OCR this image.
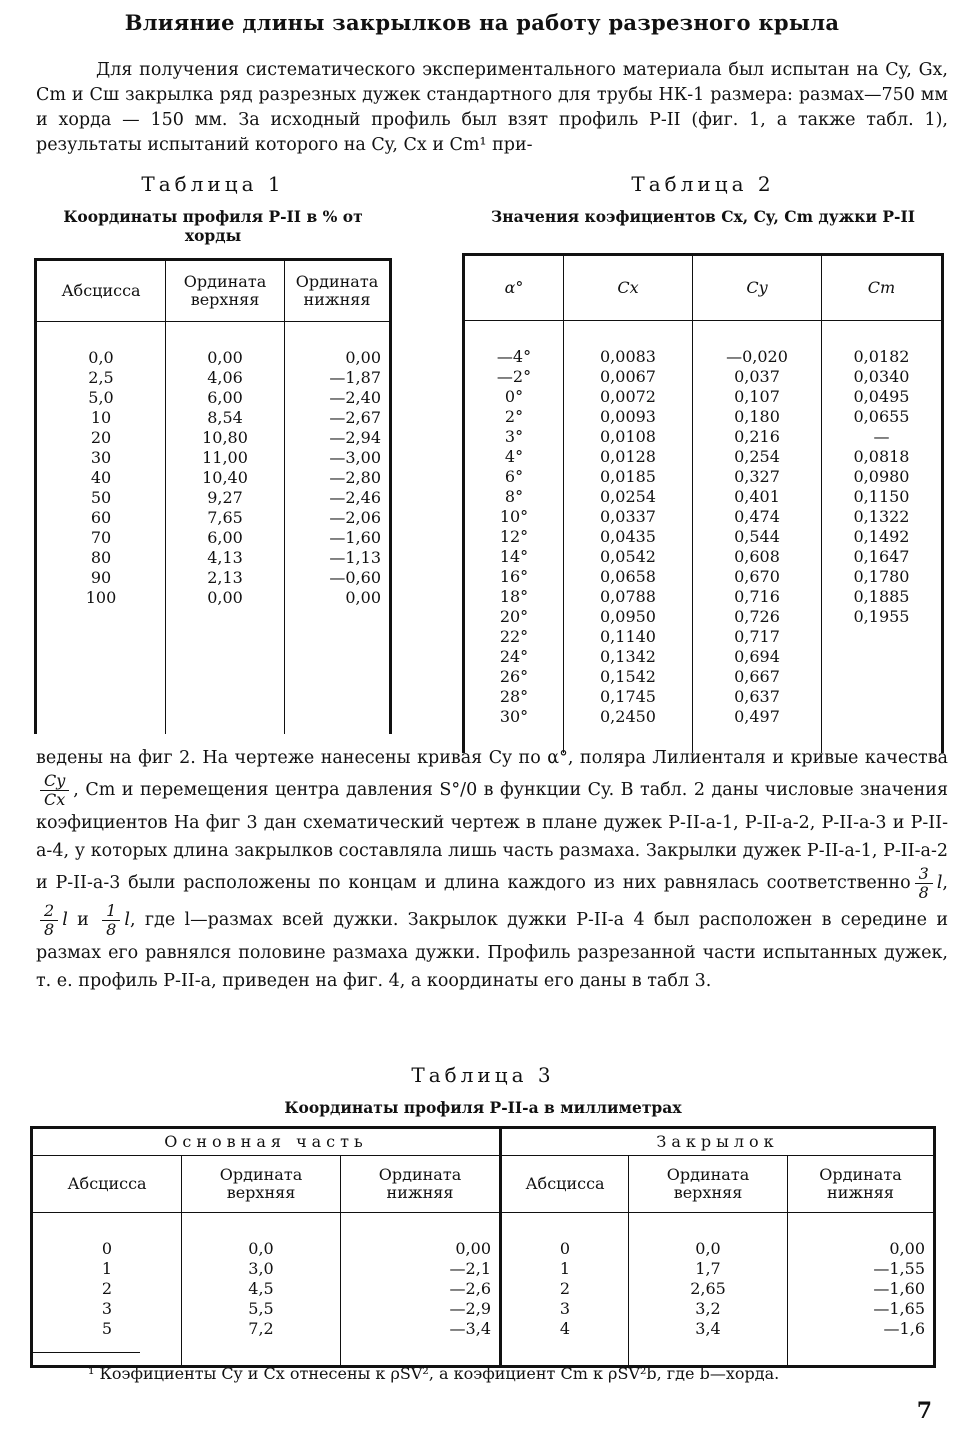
Влияние длины закрылков на работу разрезного крыла

Для получения систематического экспериментального материала был испытан на Cy, Gx, Cm и Cш закрылка ряд разрезных дужек стандартного для трубы НК-1 размера: размах—750 мм и хорда — 150 мм. За исходный профиль был взят профиль Р-II (фиг. 1, а также табл. 1), результаты испытаний которого на Cy, Cx и Cm¹ при-

Таблица 1
Координаты профиля Р-II в % от хорды
Абсцисса	Ордината верхняя	Ордината нижняя

0,0	0,00	0,00
2,5	4,06	—1,87
5,0	6,00	—2,40
10	8,54	—2,67
20	10,80	—2,94
30	11,00	—3,00
40	10,40	—2,80
50	9,27	—2,46
60	7,65	—2,06
70	6,00	—1,60
80	4,13	—1,13
90	2,13	—0,60
100	0,00	0,00

Таблица 2
Значения коэфициентов Cx, Cy, Cm дужки Р-II
α°	Cx	Cy	Cm

—4°	0,0083	—0,020	0,0182
—2°	0,0067	0,037	0,0340
0°	0,0072	0,107	0,0495
2°	0,0093	0,180	0,0655
3°	0,0108	0,216	—
4°	0,0128	0,254	0,0818
6°	0,0185	0,327	0,0980
8°	0,0254	0,401	0,1150
10°	0,0337	0,474	0,1322
12°	0,0435	0,544	0,1492
14°	0,0542	0,608	0,1647
16°	0,0658	0,670	0,1780
18°	0,0788	0,716	0,1885
20°	0,0950	0,726	0,1955
22°	0,1140	0,717	
24°	0,1342	0,694	
26°	0,1542	0,667	
28°	0,1745	0,637	
30°	0,2450	0,497	

ведены на фиг 2. На чертеже нанесены кривая Cy по α°, поляра Лилиенталя и кривые качества
$\frac{Cy}{Cx}$ , Cm и перемещения центра давления S°/0 в функции Cy. В табл. 2 даны числовые значения коэфициентов На фиг 3 дан схематический чертеж в плане дужек Р-II-а-1, Р-II-а-2, Р-II-а-3 и Р-II-а-4, у которых длина закрылков составляла лишь часть размаха. Закрылки дужек Р-II-а-1, Р-II-а-2 и Р-II-а-3 были расположены по концам и длина каждого из них равнялась соответственно $\frac{3}{8} l$,
$\frac{2}{8}$ l и $\frac{1}{8} l$, где l—размах всей дужки. Закрылок дужки Р-II-а 4 был расположен в середине и размах его равнялся половине размаха дужки. Профиль разрезанной части испытанных дужек, т. е. профиль Р-II-а, приведен на фиг. 4, а координаты его даны в табл 3.

Таблица 3
Координаты профиля Р-II-а в миллиметрах
Основная часть			Закрылок		
Абсцисса	Ордината верхняя	Ордината нижняя	Абсцисса	Ордината верхняя	Ордината нижняя

0	0,0	0,00	0	0,0	0,00
1	3,0	—2,1	1	1,7	—1,55
2	4,5	—2,6	2	2,65	—1,60
3	5,5	—2,9	3	3,2	—1,65
5	7,2	—3,4	4	3,4	—1,6

¹ Коэфициенты Cy и Cx отнесены к ρSV², а коэфициент Cm к ρSV²b, где b—хорда.
7
